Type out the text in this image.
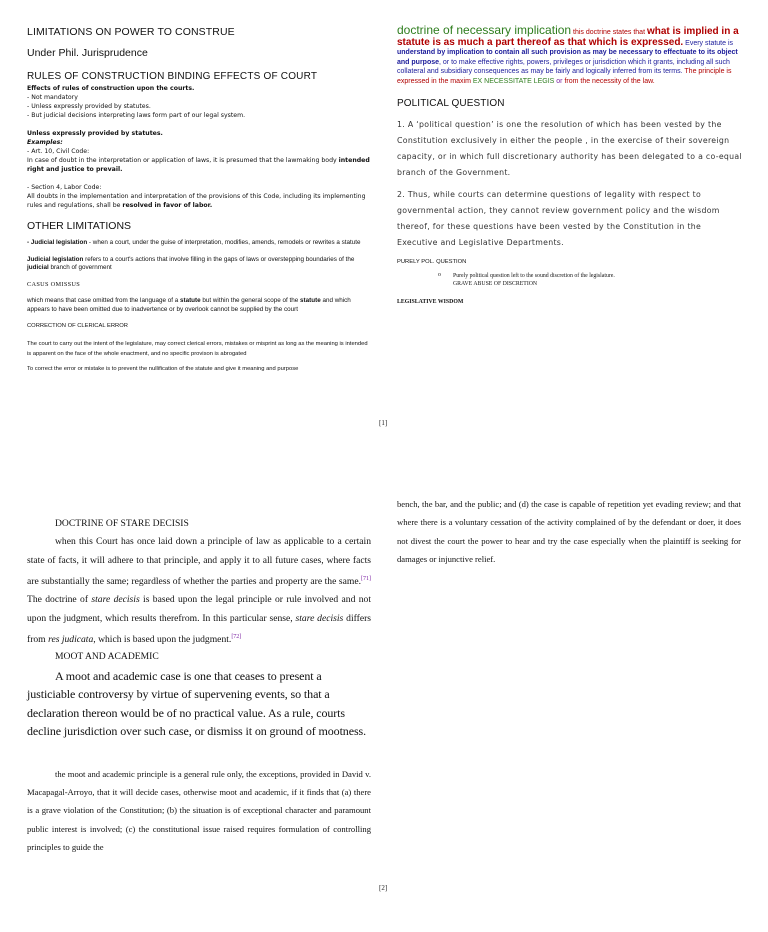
LIMITATIONS ON POWER TO CONSTRUE

Under Phil. Jurisprudence

RULES OF CONSTRUCTION BINDING EFFECTS OF COURT

Effects of rules of construction upon the courts.

- Not mandatory

- Unless expressly provided by statutes.

- But judicial decisions interpreting laws form part of our legal system.

Unless expressly provided by statutes.

Examples:

- Art. 10, Civil Code:

In case of doubt in the interpretation or application of laws, it is presumed that the lawmaking body intended right and justice to prevail.

- Section 4, Labor Code:

All doubts in the implementation and interpretation of the provisions of this Code, including its implementing rules and regulations, shall be resolved in favor of labor.

OTHER LIMITATIONS

- Judicial legislation - when a court, under the guise of interpretation, modifies, amends, remodels or rewrites a statute

Judicial legislation refers to a court's actions that involve filling in the gaps of laws or overstepping boundaries of the judicial branch of government

CASUS OMISSUS

which means that case omitted from the language of a statute but within the general scope of the statute and which appears to have been omitted due to inadvertence or by overlook cannot be supplied by the court

CORRECTION OF CLERICAL ERROR

The court to carry out the intent of the legislature, may correct clerical errors, mistakes or misprint as long as the meaning is intended is apparent on the face of the whole enactment, and no specific provison is abrogated

To correct the error or mistake is to prevent the nullification of the statute and give it meaning and purpose

doctrine of necessary implication this doctrine states that what is implied in a statute is as much a part thereof as that which is expressed. Every statute is understand by implication to contain all such provision as may be necessary to effectuate to its object and purpose, or to make effective rights, powers, privileges or jurisdiction which it grants, including all such collateral and subsidiary consequences as may be fairly and logically inferred from its terms. The principle is expressed in the maxim EX NECESSITATE LEGIS or from the necessity of the law.

POLITICAL QUESTION

1. A ‘political question’ is one the resolution of which has been vested by the Constitution exclusively in either the people , in the exercise of their sovereign capacity, or in which full discretionary authority has been delegated to a co-equal branch of the Government.

2. Thus, while courts can determine questions of legality with respect to governmental action, they cannot review government policy and the wisdom thereof, for these questions have been vested by the Constitution in the Executive and Legislative Departments.

PURELY POL. QUESTION

o	Purely political question left to the sound discretion of the legislature.

GRAVE ABUSE OF DISCRETION

LEGISLATIVE WISDOM

[1]

DOCTRINE OF STARE DECISIS

when this Court has once laid down a principle of law as applicable to a certain state of facts, it will adhere to that principle, and apply it to all future cases, where facts are substantially the same; regardless of whether the parties and property are the same.[71] The doctrine of stare decisis is based upon the legal principle or rule involved and not upon the judgment, which results therefrom. In this particular sense, stare decisis differs from res judicata, which is based upon the judgment.[72]

MOOT AND ACADEMIC

A moot and academic case is one that ceases to present a justiciable controversy by virtue of supervening events, so that a declaration thereon would be of no practical value. As a rule, courts decline jurisdiction over such case, or dismiss it on ground of mootness.

the moot and academic principle is a general rule only, the exceptions, provided in David v. Macapagal-Arroyo, that it will decide cases, otherwise moot and academic, if it finds that (a) there is a grave violation of the Constitution; (b) the situation is of exceptional character and paramount public interest is involved; (c) the constitutional issue raised requires formulation of controlling principles to guide the

bench, the bar, and the public; and (d) the case is capable of repetition yet evading review; and that where there is a voluntary cessation of the activity complained of by the defendant or doer, it does not divest the court the power to hear and try the case especially when the plaintiff is seeking for damages or injunctive relief.

[2]
